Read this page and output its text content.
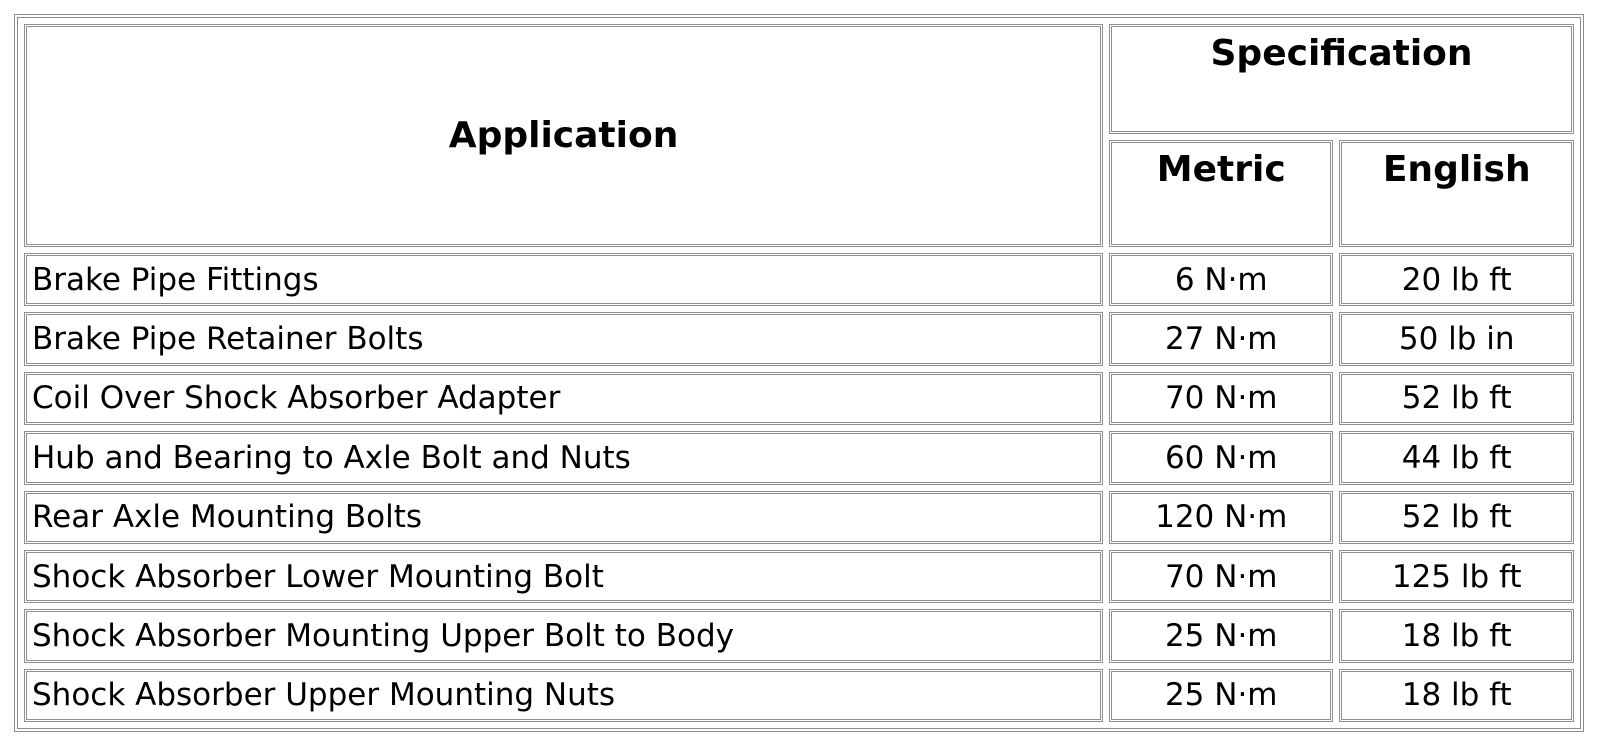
Application	Specification	
	Metric	English
Brake Pipe Fittings	6 N·m	20 lb ft
Brake Pipe Retainer Bolts	27 N·m	50 lb in
Coil Over Shock Absorber Adapter	70 N·m	52 lb ft
Hub and Bearing to Axle Bolt and Nuts	60 N·m	44 lb ft
Rear Axle Mounting Bolts	120 N·m	52 lb ft
Shock Absorber Lower Mounting Bolt	70 N·m	125 lb ft
Shock Absorber Mounting Upper Bolt to Body	25 N·m	18 lb ft
Shock Absorber Upper Mounting Nuts	25 N·m	18 lb ft
